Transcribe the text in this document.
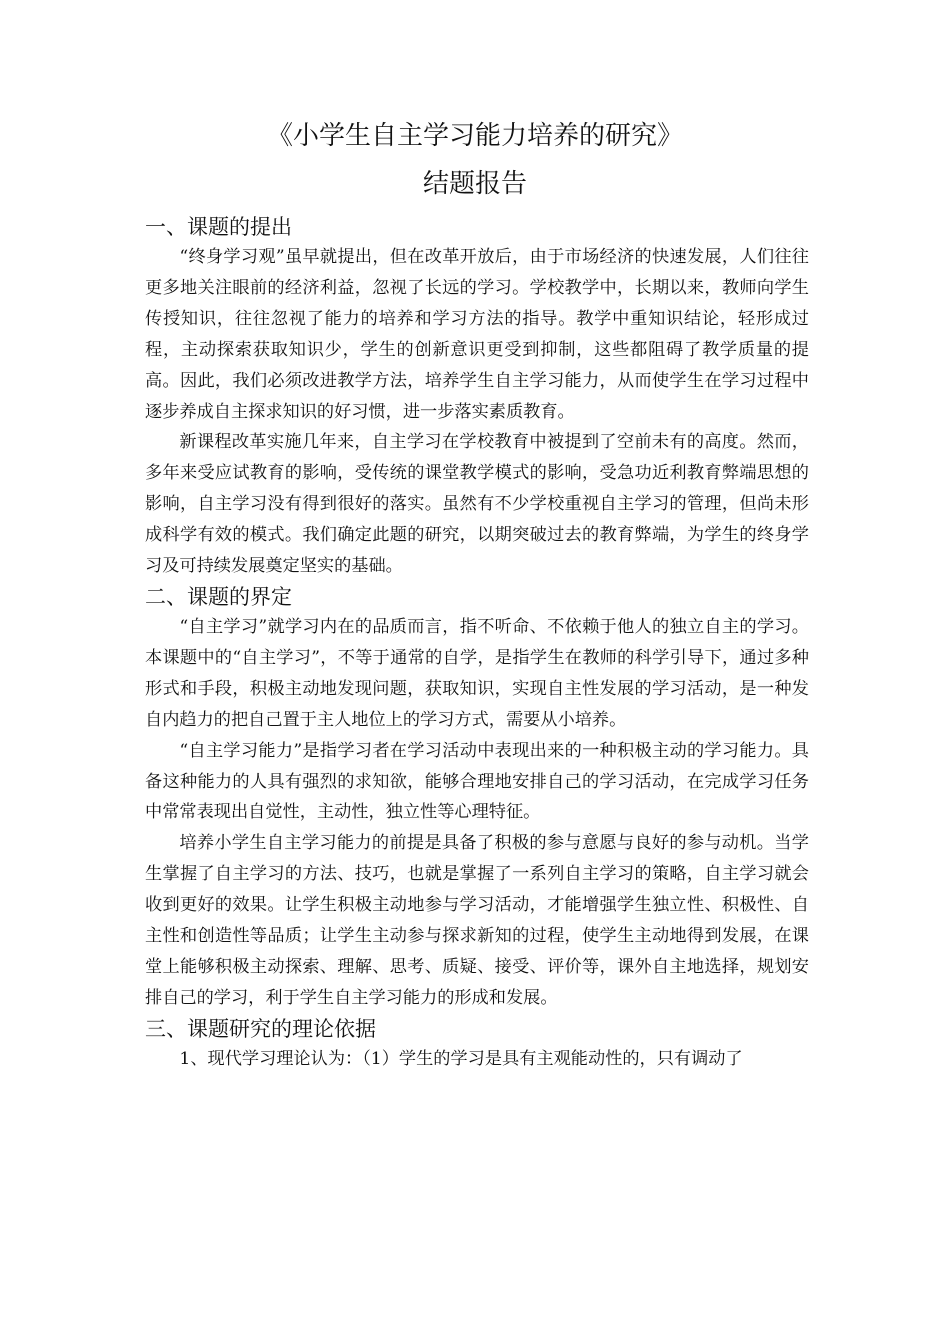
《小学生自主学习能力培养的研究》
结题报告
一、课题的提出

“终身学习观”虽早就提出，但在改革开放后，由于市场经济的快速发展，人们往往更多地关注眼前的经济利益，忽视了长远的学习。学校教学中，长期以来，教师向学生传授知识，往往忽视了能力的培养和学习方法的指导。教学中重知识结论，轻形成过程，主动探索获取知识少，学生的创新意识更受到抑制，这些都阻碍了教学质量的提高。因此，我们必须改进教学方法，培养学生自主学习能力，从而使学生在学习过程中逐步养成自主探求知识的好习惯，进一步落实素质教育。

新课程改革实施几年来，自主学习在学校教育中被提到了空前未有的高度。然而，多年来受应试教育的影响，受传统的课堂教学模式的影响，受急功近利教育弊端思想的影响，自主学习没有得到很好的落实。虽然有不少学校重视自主学习的管理，但尚未形成科学有效的模式。我们确定此题的研究，以期突破过去的教育弊端，为学生的终身学习及可持续发展奠定坚实的基础。

二、课题的界定

“自主学习”就学习内在的品质而言，指不听命、不依赖于他人的独立自主的学习。本课题中的“自主学习”，不等于通常的自学，是指学生在教师的科学引导下，通过多种形式和手段，积极主动地发现问题，获取知识，实现自主性发展的学习活动，是一种发自内趋力的把自己置于主人地位上的学习方式，需要从小培养。

“自主学习能力”是指学习者在学习活动中表现出来的一种积极主动的学习能力。具备这种能力的人具有强烈的求知欲，能够合理地安排自己的学习活动，在完成学习任务中常常表现出自觉性，主动性，独立性等心理特征。

培养小学生自主学习能力的前提是具备了积极的参与意愿与良好的参与动机。当学生掌握了自主学习的方法、技巧，也就是掌握了一系列自主学习的策略，自主学习就会收到更好的效果。让学生积极主动地参与学习活动，才能增强学生独立性、积极性、自主性和创造性等品质；让学生主动参与探求新知的过程，使学生主动地得到发展，在课堂上能够积极主动探索、理解、思考、质疑、接受、评价等，课外自主地选择，规划安排自己的学习，利于学生自主学习能力的形成和发展。

三、课题研究的理论依据

1、现代学习理论认为：（1）学生的学习是具有主观能动性的，只有调动了
